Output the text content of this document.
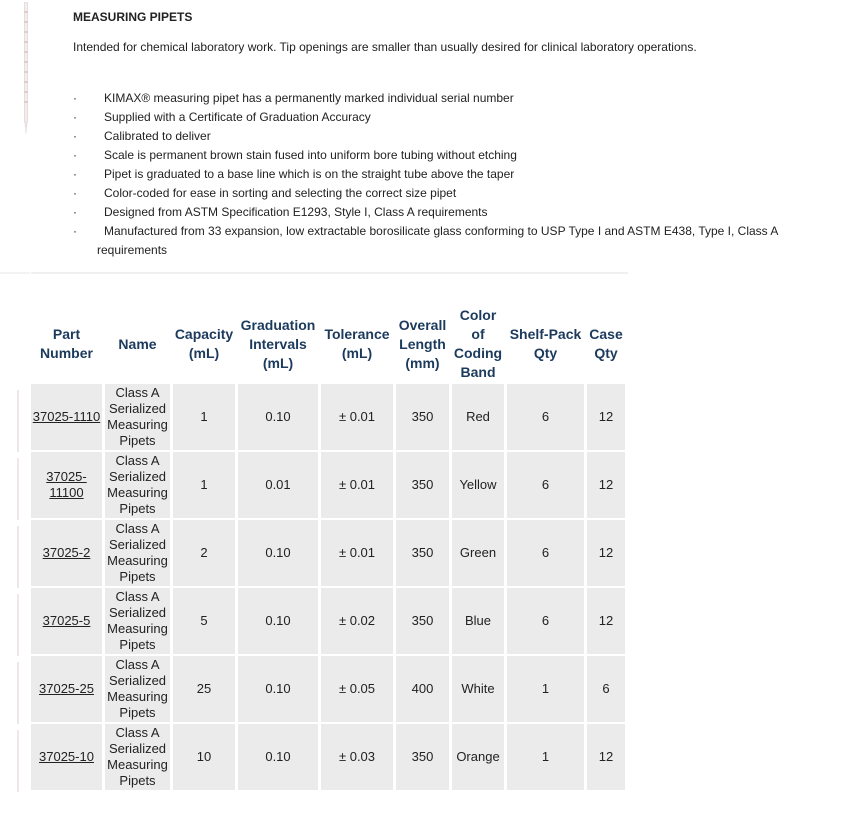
MEASURING PIPETS

Intended for chemical laboratory work. Tip openings are smaller than usually desired for clinical laboratory operations.

· KIMAX® measuring pipet has a permanently marked individual serial number
· Supplied with a Certificate of Graduation Accuracy
· Calibrated to deliver
· Scale is permanent brown stain fused into uniform bore tubing without etching
· Pipet is graduated to a base line which is on the straight tube above the taper
· Color-coded for ease in sorting and selecting the correct size pipet
· Designed from ASTM Specification E1293, Style I, Class A requirements
· Manufactured from 33 expansion, low extractable borosilicate glass conforming to USP Type I and ASTM E438, Type I, Class A
requirements
Part
Number	Name	Capacity
(mL)	Graduation
Intervals
(mL)	Tolerance
(mL)	Overall
Length
(mm)	Color
of
Coding
Band	Shelf-Pack
Qty	Case
Qty
37025-1110	Class A
Serialized
Measuring
Pipets	1	0.10	± 0.01	350	Red	6	12
37025-11100	Class A
Serialized
Measuring
Pipets	1	0.01	± 0.01	350	Yellow	6	12
37025-2	Class A
Serialized
Measuring
Pipets	2	0.10	± 0.01	350	Green	6	12
37025-5	Class A
Serialized
Measuring
Pipets	5	0.10	± 0.02	350	Blue	6	12
37025-25	Class A
Serialized
Measuring
Pipets	25	0.10	± 0.05	400	White	1	6
37025-10	Class A
Serialized
Measuring
Pipets	10	0.10	± 0.03	350	Orange	1	12
